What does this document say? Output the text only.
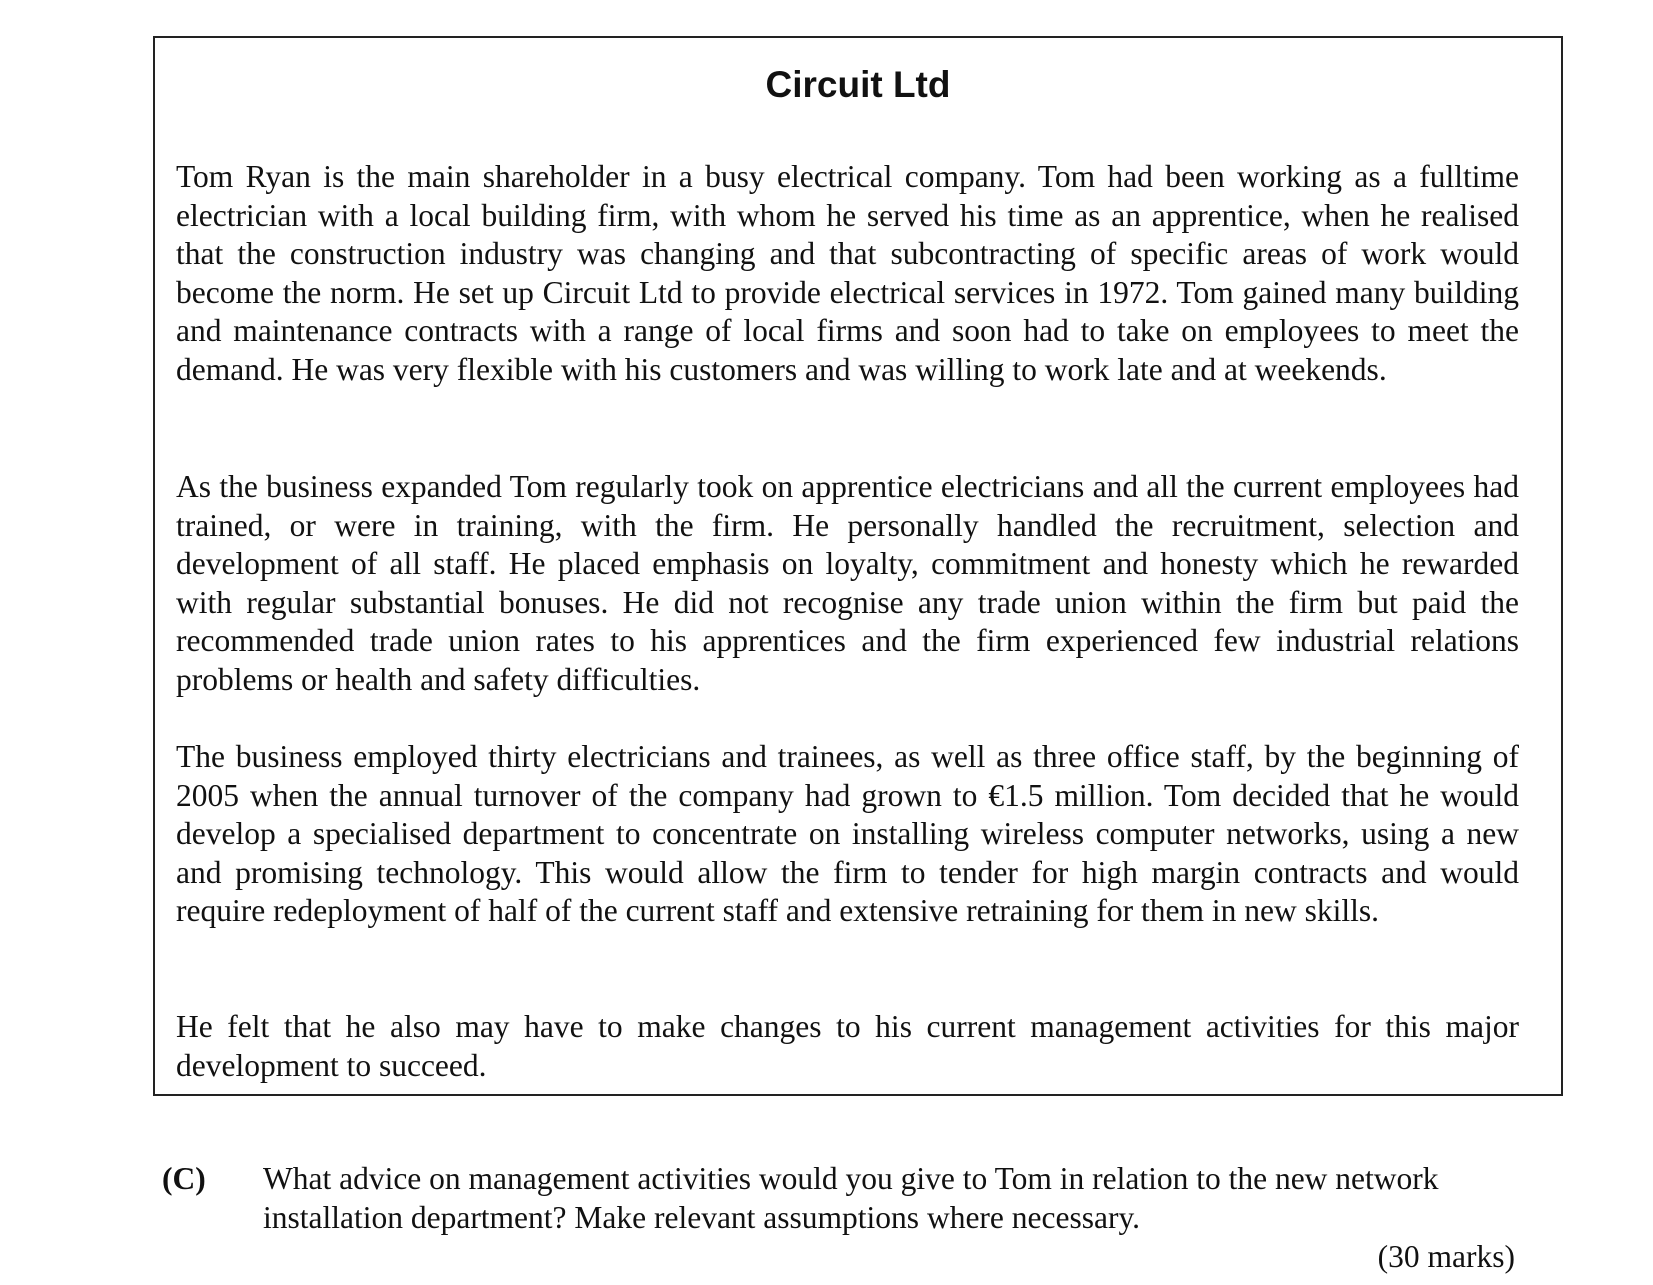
Circuit Ltd

Tom Ryan is the main shareholder in a busy electrical company. Tom had been working as a fulltime electrician with a local building firm, with whom he served his time as an apprentice, when he realised that the construction industry was changing and that subcontracting of specific areas of work would become the norm. He set up Circuit Ltd to provide electrical services in 1972. Tom gained many building and maintenance contracts with a range of local firms and soon had to take on employees to meet the demand. He was very flexible with his customers and was willing to work late and at weekends.

As the business expanded Tom regularly took on apprentice electricians and all the current employees had trained, or were in training, with the firm. He personally handled the recruitment, selection and development of all staff. He placed emphasis on loyalty, commitment and honesty which he rewarded with regular substantial bonuses. He did not recognise any trade union within the firm but paid the recommended trade union rates to his apprentices and the firm experienced few industrial relations problems or health and safety difficulties.

The business employed thirty electricians and trainees, as well as three office staff, by the beginning of 2005 when the annual turnover of the company had grown to €1.5 million. Tom decided that he would develop a specialised department to concentrate on installing wireless computer networks, using a new and promising technology. This would allow the firm to tender for high margin contracts and would require redeployment of half of the current staff and extensive retraining for them in new skills.

He felt that he also may have to make changes to his current management activities for this major development to succeed.

(C) What advice on management activities would you give to Tom in relation to the new network installation department? Make relevant assumptions where necessary.

(30 marks)
